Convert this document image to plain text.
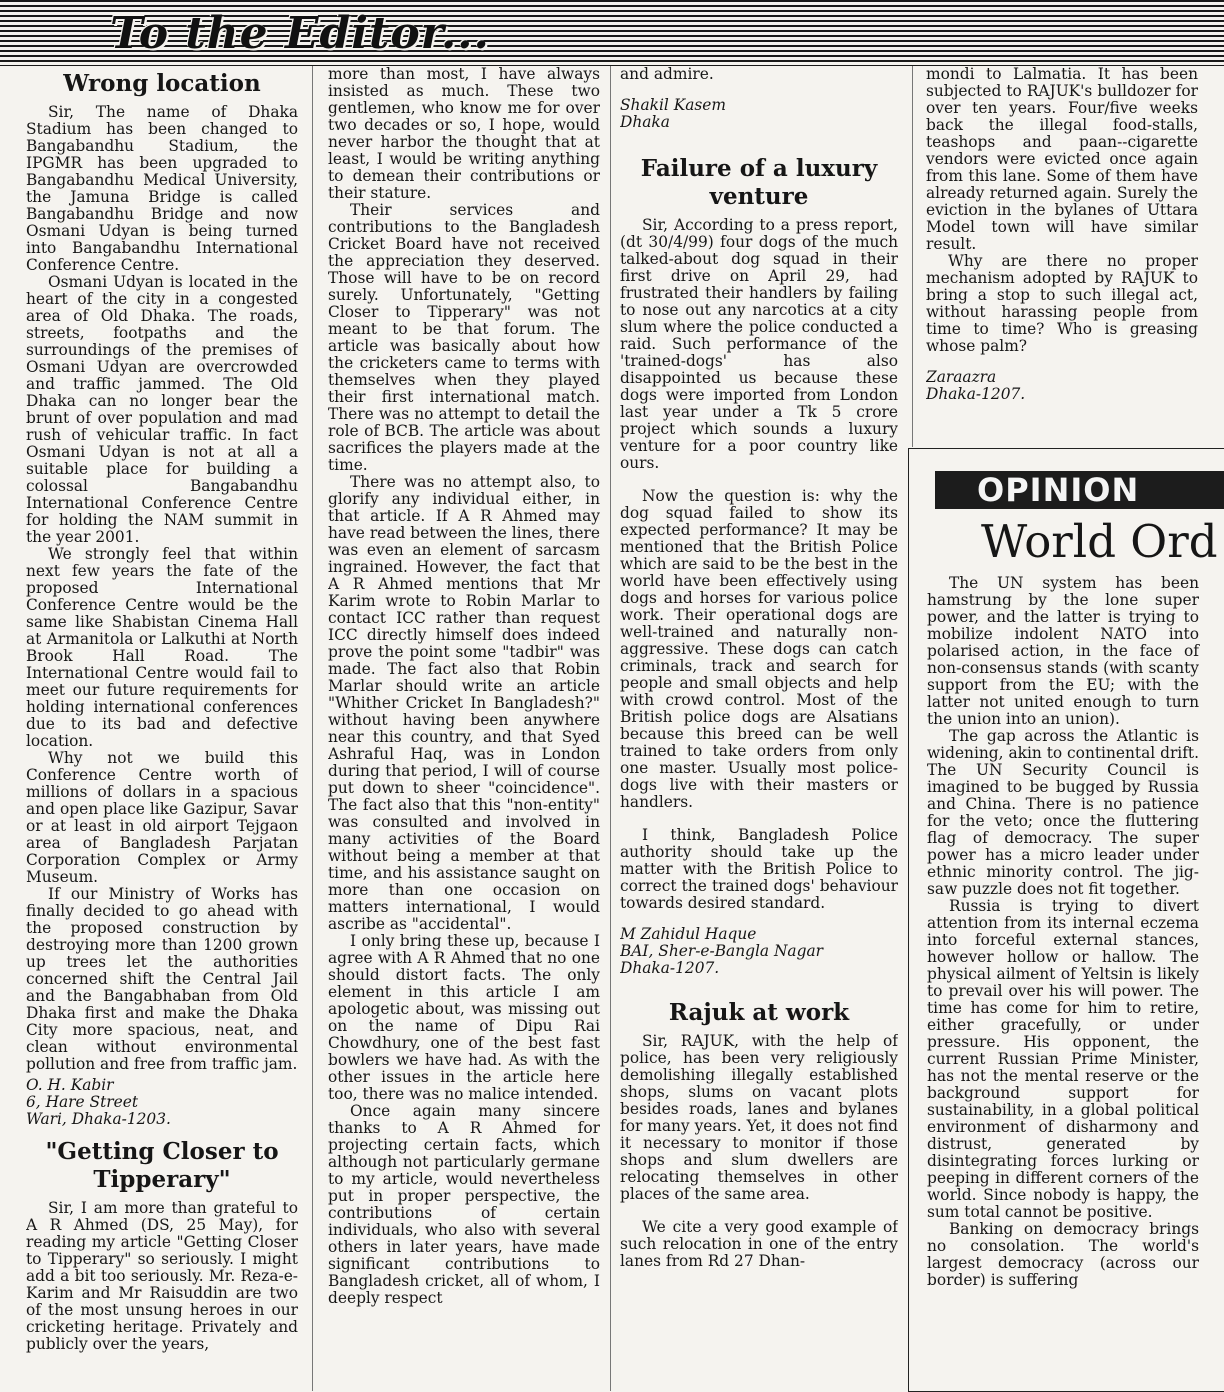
To the Editor...
Wrong location

Sir, The name of Dhaka Stadium has been changed to Bangabandhu Stadium, the IPGMR has been upgraded to Bangabandhu Medical University, the Jamuna Bridge is called Bangabandhu Bridge and now Osmani Udyan is being turned into Bangabandhu International Conference Centre.

Osmani Udyan is located in the heart of the city in a congested area of Old Dhaka. The roads, streets, footpaths and the surroundings of the premises of Osmani Udyan are overcrowded and traffic jammed. The Old Dhaka can no longer bear the brunt of over population and mad rush of vehicular traffic. In fact Osmani Udyan is not at all a suitable place for building a colossal Bangabandhu International Conference Centre for holding the NAM summit in the year 2001.

We strongly feel that within next few years the fate of the proposed International Conference Centre would be the same like Shabistan Cinema Hall at Armanitola or Lalkuthi at North Brook Hall Road. The International Centre would fail to meet our future requirements for holding international conferences due to its bad and defective location.

Why not we build this Conference Centre worth of millions of dollars in a spacious and open place like Gazipur, Savar or at least in old airport Tejgaon area of Bangladesh Parjatan Corporation Complex or Army Museum.

If our Ministry of Works has finally decided to go ahead with the proposed construction by destroying more than 1200 grown up trees let the authorities concerned shift the Central Jail and the Bangabhaban from Old Dhaka first and make the Dhaka City more spacious, neat, and clean without environmental pollution and free from traffic jam.

O. H. Kabir
6, Hare Street
Wari, Dhaka-1203.
"Getting Closer to Tipperary"

Sir, I am more than grateful to A R Ahmed (DS, 25 May), for reading my article "Getting Closer to Tipperary" so seriously. I might add a bit too seriously. Mr. Reza-e-Karim and Mr Raisuddin are two of the most unsung heroes in our cricketing heritage. Privately and publicly over the years,

more than most, I have always insisted as much. These two gentlemen, who know me for over two decades or so, I hope, would never harbor the thought that at least, I would be writing anything to demean their contributions or their stature.

Their services and contributions to the Bangladesh Cricket Board have not received the appreciation they deserved. Those will have to be on record surely. Unfortunately, "Getting Closer to Tipperary" was not meant to be that forum. The article was basically about how the cricketers came to terms with themselves when they played their first international match. There was no attempt to detail the role of BCB. The article was about sacrifices the players made at the time.

There was no attempt also, to glorify any individual either, in that article. If A R Ahmed may have read between the lines, there was even an element of sarcasm ingrained. However, the fact that A R Ahmed mentions that Mr Karim wrote to Robin Marlar to contact ICC rather than request ICC directly himself does indeed prove the point some "tadbir" was made. The fact also that Robin Marlar should write an article "Whither Cricket In Bangladesh?" without having been anywhere near this country, and that Syed Ashraful Haq, was in London during that period, I will of course put down to sheer "coincidence". The fact also that this "non-entity" was consulted and involved in many activities of the Board without being a member at that time, and his assistance saught on more than one occasion on matters international, I would ascribe as "accidental".

I only bring these up, because I agree with A R Ahmed that no one should distort facts. The only element in this article I am apologetic about, was missing out on the name of Dipu Rai Chowdhury, one of the best fast bowlers we have had. As with the other issues in the article here too, there was no malice intended.

Once again many sincere thanks to A R Ahmed for projecting certain facts, which although not particularly germane to my article, would nevertheless put in proper perspective, the contributions of certain individuals, who also with several others in later years, have made significant contributions to Bangladesh cricket, all of whom, I deeply respect

and admire.

Shakil Kasem
Dhaka
Failure of a luxury venture

Sir, According to a press report, (dt 30/4/99) four dogs of the much talked-about dog squad in their first drive on April 29, had frustrated their handlers by failing to nose out any narcotics at a city slum where the police conducted a raid. Such performance of the 'trained-dogs' has also disappointed us because these dogs were imported from London last year under a Tk 5 crore project which sounds a luxury venture for a poor country like ours.

Now the question is: why the dog squad failed to show its expected performance? It may be mentioned that the British Police which are said to be the best in the world have been effectively using dogs and horses for various police work. Their operational dogs are well-trained and naturally non-aggressive. These dogs can catch criminals, track and search for people and small objects and help with crowd control. Most of the British police dogs are Alsatians because this breed can be well trained to take orders from only one master. Usually most police-dogs live with their masters or handlers.

I think, Bangladesh Police authority should take up the matter with the British Police to correct the trained dogs' behaviour towards desired standard.

M Zahidul Haque
BAI, Sher-e-Bangla Nagar
Dhaka-1207.
Rajuk at work

Sir, RAJUK, with the help of police, has been very religiously demolishing illegally established shops, slums on vacant plots besides roads, lanes and bylanes for many years. Yet, it does not find it necessary to monitor if those shops and slum dwellers are relocating themselves in other places of the same area.

We cite a very good example of such relocation in one of the entry lanes from Rd 27 Dhan-

mondi to Lalmatia. It has been subjected to RAJUK's bulldozer for over ten years. Four/five weeks back the illegal food-stalls, teashops and paan--cigarette vendors were evicted once again from this lane. Some of them have already returned again. Surely the eviction in the bylanes of Uttara Model town will have similar result.

Why are there no proper mechanism adopted by RAJUK to bring a stop to such illegal act, without harassing people from time to time? Who is greasing whose palm?

Zaraazra
Dhaka-1207.
OPINION
World Ord

The UN system has been hamstrung by the lone super power, and the latter is trying to mobilize indolent NATO into polarised action, in the face of non-consensus stands (with scanty support from the EU; with the latter not united enough to turn the union into an union).

The gap across the Atlantic is widening, akin to continental drift. The UN Security Council is imagined to be bugged by Russia and China. There is no patience for the veto; once the fluttering flag of democracy. The super power has a micro leader under ethnic minority control. The jig-saw puzzle does not fit together.

Russia is trying to divert attention from its internal eczema into forceful external stances, however hollow or hallow. The physical ailment of Yeltsin is likely to prevail over his will power. The time has come for him to retire, either gracefully, or under pressure. His opponent, the current Russian Prime Minister, has not the mental reserve or the background support for sustainability, in a global political environment of disharmony and distrust, generated by disintegrating forces lurking or peeping in different corners of the world. Since nobody is happy, the sum total cannot be positive.

Banking on democracy brings no consolation. The world's largest democracy (across our border) is suffering
